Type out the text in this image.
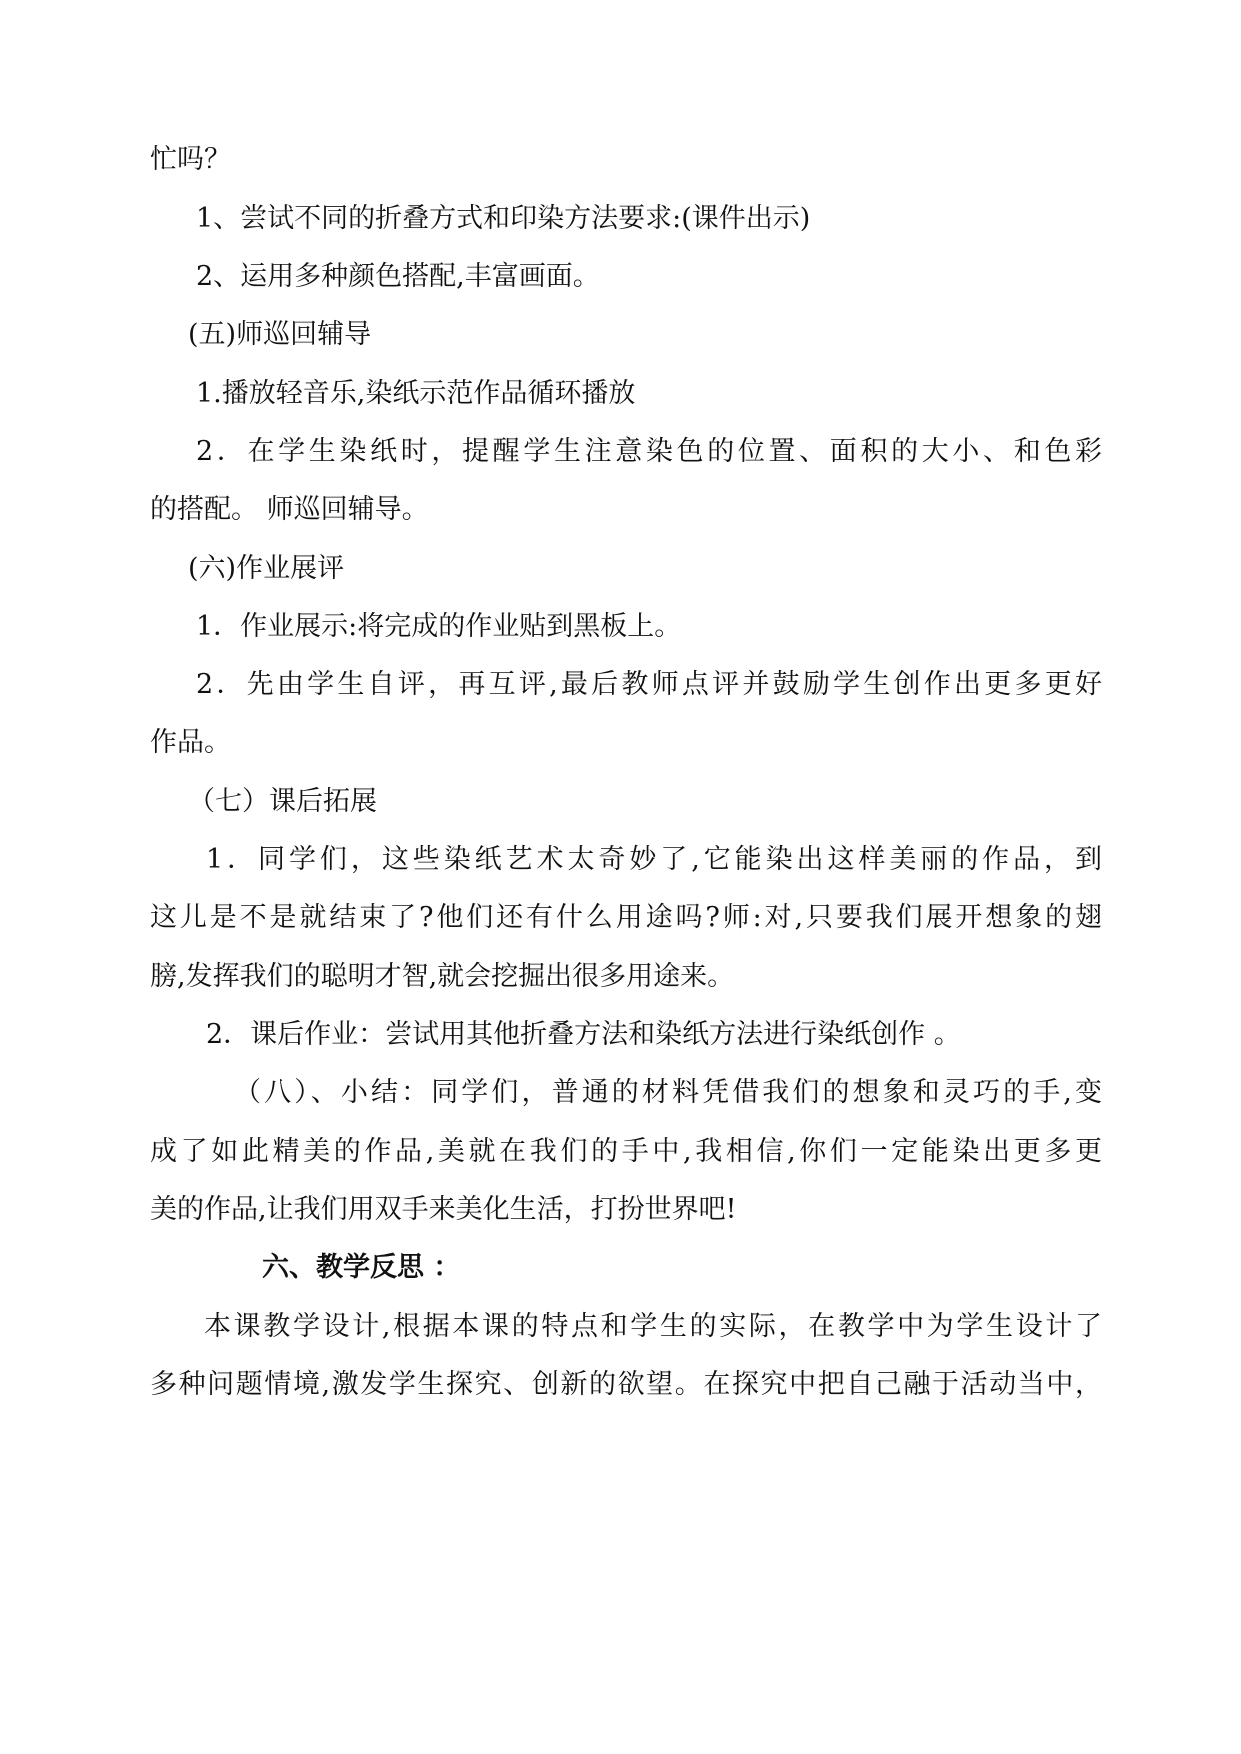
忙吗？
1、尝试不同的折叠方式和印染方法要求:(课件出示)
2、运用多种颜色搭配,丰富画面。
(五)师巡回辅导
1.播放轻音乐,染纸示范作品循环播放
2．在学生染纸时，提醒学生注意染色的位置、面积的大小、和色彩
的搭配。 师巡回辅导。
(六)作业展评
1．作业展示:将完成的作业贴到黑板上。
2．先由学生自评，再互评,最后教师点评并鼓励学生创作出更多更好
作品。
（七）课后拓展
1．同学们，这些染纸艺术太奇妙了,它能染出这样美丽的作品，到
这儿是不是就结束了?他们还有什么用途吗?师:对,只要我们展开想象的翅
膀,发挥我们的聪明才智,就会挖掘出很多用途来。
2．课后作业：尝试用其他折叠方法和染纸方法进行染纸创作 。
（八）、小结：同学们，普通的材料凭借我们的想象和灵巧的手,变
成了如此精美的作品,美就在我们的手中,我相信,你们一定能染出更多更
美的作品,让我们用双手来美化生活，打扮世界吧!
六、教学反思 ：
本课教学设计,根据本课的特点和学生的实际，在教学中为学生设计了
多种问题情境,激发学生探究、创新的欲望。在探究中把自己融于活动当中，
